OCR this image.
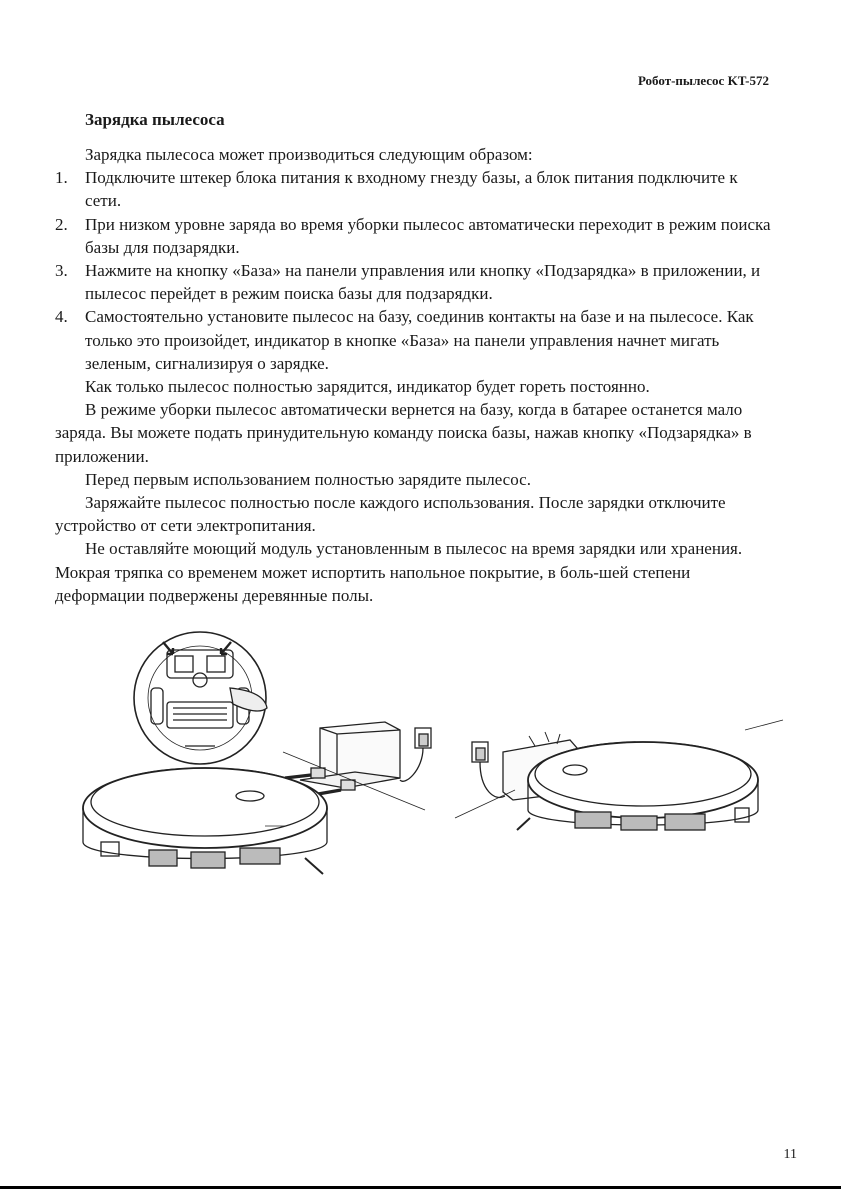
Робот-пылесос KT-572
Зарядка пылесоса

Зарядка пылесоса может производиться следующим образом:

1. Подключите штекер блока питания к входному гнезду базы, а блок питания подключите к сети.
2. При низком уровне заряда во время уборки пылесос автоматически переходит в режим поиска базы для подзарядки.
3. Нажмите на кнопку «База» на панели управления или кнопку «Подзарядка» в приложении, и пылесос перейдет в режим поиска базы для подзарядки.
4. Самостоятельно установите пылесос на базу, соединив контакты на базе и на пылесосе. Как только это произойдет, индикатор в кнопке «База» на панели управления начнет мигать зеленым, сигнализируя о зарядке.

Как только пылесос полностью зарядится, индикатор будет гореть постоянно.

В режиме уборки пылесос автоматически вернется на базу, когда в батарее останется мало заряда. Вы можете подать принудительную команду поиска базы, нажав кнопку «Подзарядка» в приложении.

Перед первым использованием полностью зарядите пылесос.

Заряжайте пылесос полностью после каждого использования. После зарядки отключите устройство от сети электропитания.

Не оставляйте моющий модуль установленным в пылесос на время зарядки или хранения. Мокрая тряпка со временем может испортить напольное покрытие, в боль-шей степени деформации подвержены деревянные полы.

11
